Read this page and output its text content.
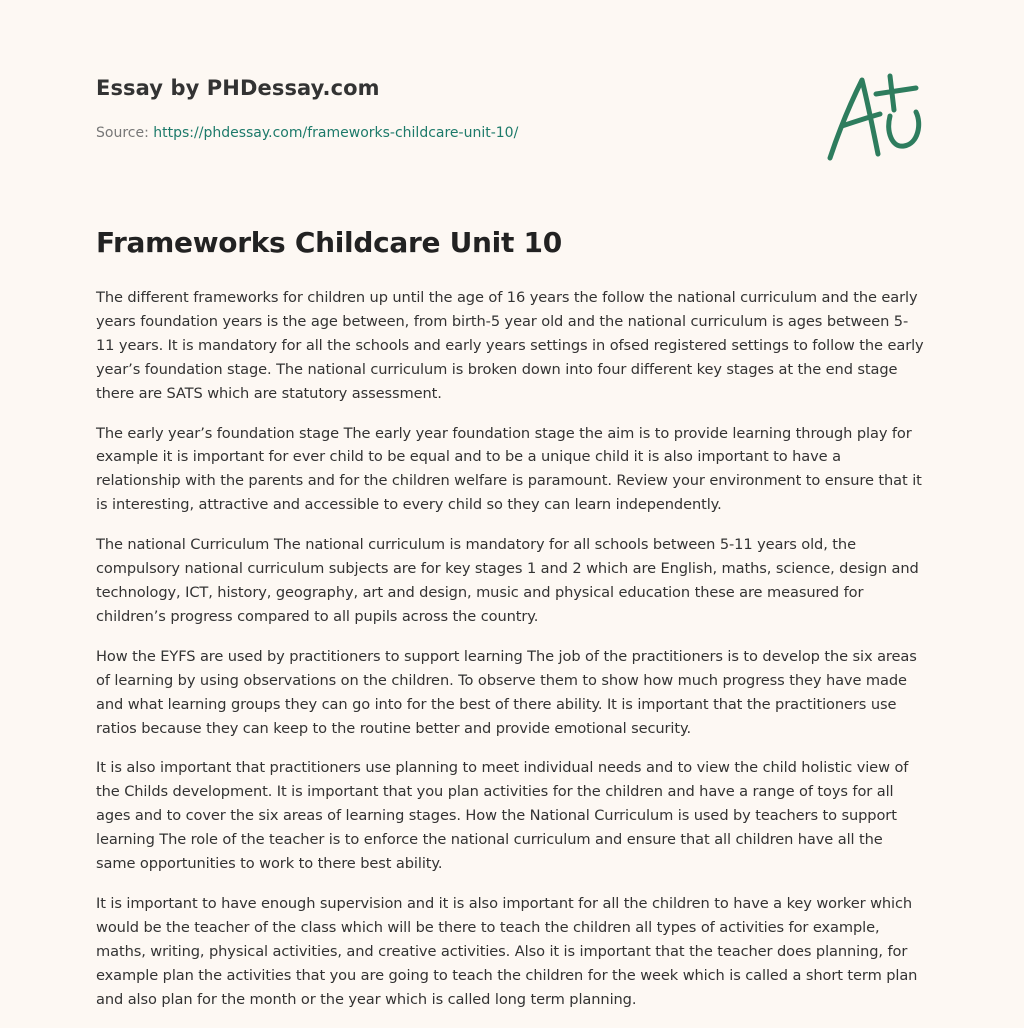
Essay by PHDessay.com
Source: https://phdessay.com/frameworks-childcare-unit-10/
Frameworks Childcare Unit 10

The different frameworks for children up until the age of 16 years the follow the national curriculum and the early years foundation years is the age between, from birth-5 year old and the national curriculum is ages between 5-11 years. It is mandatory for all the schools and early years settings in ofsed registered settings to follow the early year’s foundation stage. The national curriculum is broken down into four different key stages at the end stage there are SATS which are statutory assessment.

The early year’s foundation stage The early year foundation stage the aim is to provide learning through play for example it is important for ever child to be equal and to be a unique child it is also important to have a relationship with the parents and for the children welfare is paramount. Review your environment to ensure that it is interesting, attractive and accessible to every child so they can learn independently.

The national Curriculum The national curriculum is mandatory for all schools between 5-11 years old, the compulsory national curriculum subjects are for key stages 1 and 2 which are English, maths, science, design and technology, ICT, history, geography, art and design, music and physical education these are measured for children’s progress compared to all pupils across the country.

How the EYFS are used by practitioners to support learning The job of the practitioners is to develop the six areas of learning by using observations on the children. To observe them to show how much progress they have made and what learning groups they can go into for the best of there ability. It is important that the practitioners use ratios because they can keep to the routine better and provide emotional security.

It is also important that practitioners use planning to meet individual needs and to view the child holistic view of the Childs development. It is important that you plan activities for the children and have a range of toys for all ages and to cover the six areas of learning stages. How the National Curriculum is used by teachers to support learning The role of the teacher is to enforce the national curriculum and ensure that all children have all the same opportunities to work to there best ability.

It is important to have enough supervision and it is also important for all the children to have a key worker which would be the teacher of the class which will be there to teach the children all types of activities for example, maths, writing, physical activities, and creative activities. Also it is important that the teacher does planning, for example plan the activities that you are going to teach the children for the week which is called a short term plan and also plan for the month or the year which is called long term planning.
